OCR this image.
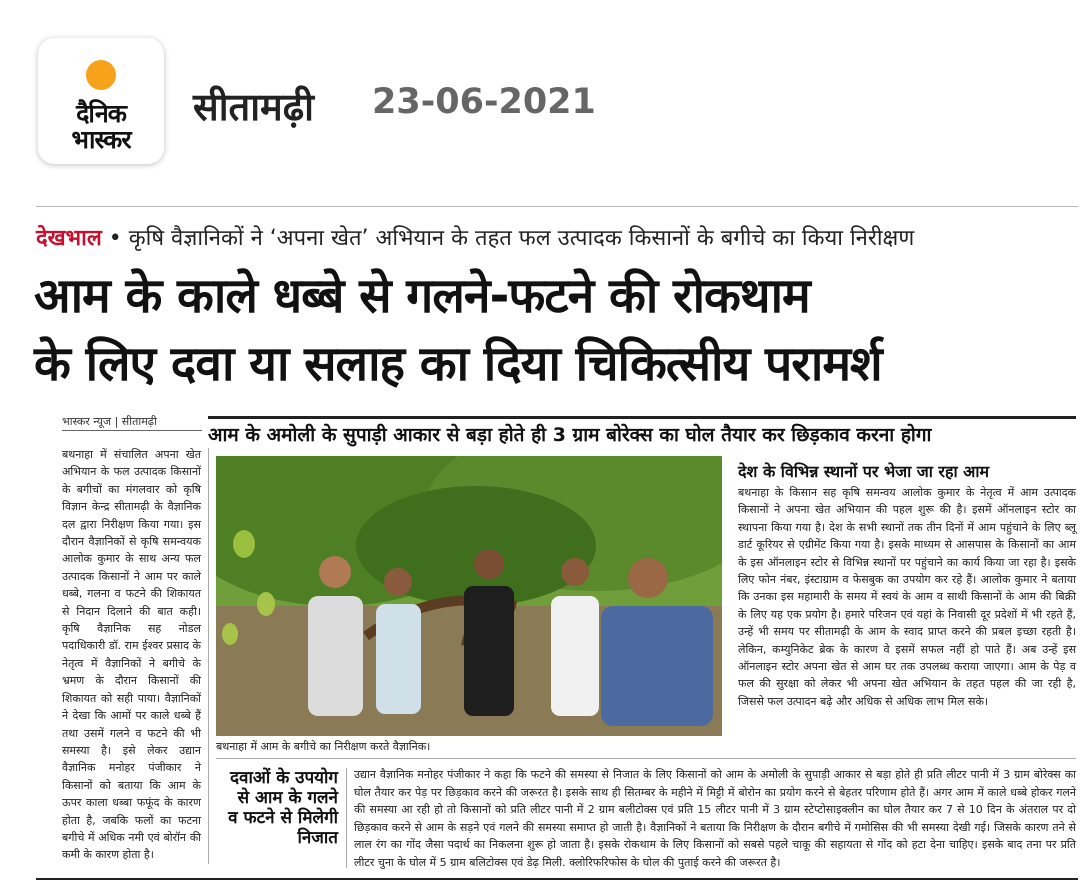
दैनिक
भास्कर
सीतामढ़ी 23-06-2021
देखभाल • कृषि वैज्ञानिकों ने ‘अपना खेत’ अभियान के तहत फल उत्पादक किसानों के बगीचे का किया निरीक्षण
आम के काले धब्बे से गलने-फटने की रोकथाम
के लिए दवा या सलाह का दिया चिकित्सीय परामर्श
भास्कर न्यूज | सीतामढ़ी
आम के अमोली के सुपाड़ी आकार से बड़ा होते ही 3 ग्राम बोरेक्स का घोल तैयार कर छिड़काव करना होगा

बथनाहा में संचालित अपना खेत अभियान के फल उत्पादक किसानों के बगीचों का मंगलवार को कृषि विज्ञान केन्द्र सीतामढ़ी के वैज्ञानिक दल द्वारा निरीक्षण किया गया। इस दौरान वैज्ञानिकों से कृषि समन्वयक आलोक कुमार के साथ अन्य फल उत्पादक किसानों ने आम पर काले धब्बे, गलना व फटने की शिकायत से निदान दिलाने की बात कही। कृषि वैज्ञानिक सह नोडल पदाधिकारी डॉ. राम ईश्वर प्रसाद के नेतृत्व में वैज्ञानिकों ने बगीचे के भ्रमण के दौरान किसानों की शिकायत को सही पाया। वैज्ञानिकों ने देखा कि आमों पर काले धब्बे हैं तथा उसमें गलने व फटने की भी समस्या है। इसे लेकर उद्यान वैज्ञानिक मनोहर पंजीकार ने किसानों को बताया कि आम के ऊपर काला धब्बा फफूंद के कारण होता है, जबकि फलों का फटना बगीचे में अधिक नमी एवं बोरॉन की कमी के कारण होता है।

बथनाहा में आम के बगीचे का निरीक्षण करते वैज्ञानिक।
देश के विभिन्न स्थानों पर भेजा जा रहा आम

बथनाहा के किसान सह कृषि समन्वय आलोक कुमार के नेतृत्व में आम उत्पादक किसानों ने अपना खेत अभियान की पहल शुरू की है। इसमें ऑनलाइन स्टोर का स्थापना किया गया है। देश के सभी स्थानों तक तीन दिनों में आम पहुंचाने के लिए ब्लू डार्ट कूरियर से एग्रीमेंट किया गया है। इसके माध्यम से आसपास के किसानों का आम के इस ऑनलाइन स्टोर से विभिन्न स्थानों पर पहुंचाने का कार्य किया जा रहा है। इसके लिए फोन नंबर, इंस्टाग्राम व फेसबुक का उपयोग कर रहे हैं। आलोक कुमार ने बताया कि उनका इस महामारी के समय में स्वयं के आम व साथी किसानों के आम की बिक्री के लिए यह एक प्रयोग है। हमारे परिजन एवं यहां के निवासी दूर प्रदेशों में भी रहते हैं, उन्हें भी समय पर सीतामढ़ी के आम के स्वाद प्राप्त करने की प्रबल इच्छा रहती है। लेकिन, कम्युनिकेट ब्रेक के कारण वे इसमें सफल नहीं हो पाते हैं। अब उन्हें इस ऑनलाइन स्टोर अपना खेत से आम घर तक उपलब्ध कराया जाएगा। आम के पेड़ व फल की सुरक्षा को लेकर भी अपना खेत अभियान के तहत पहल की जा रही है, जिससे फल उत्पादन बढ़े और अधिक से अधिक लाभ मिल सके।

दवाओं के उपयोग से आम के गलने व फटने से मिलेगी निजात

उद्यान वैज्ञानिक मनोहर पंजीकार ने कहा कि फटने की समस्या से निजात के लिए किसानों को आम के अमोली के सुपाड़ी आकार से बड़ा होते ही प्रति लीटर पानी में 3 ग्राम बोरेक्स का घोल तैयार कर पेड़ पर छिड़काव करने की जरूरत है। इसके साथ ही सितम्बर के महीने में मिट्टी में बोरोन का प्रयोग करने से बेहतर परिणाम होते हैं। अगर आम में काले धब्बे होकर गलने की समस्या आ रही हो तो किसानों को प्रति लीटर पानी में 2 ग्राम बलीटोक्स एवं प्रति 15 लीटर पानी में 3 ग्राम स्टेप्टोसाइक्लीन का घोल तैयार कर 7 से 10 दिन के अंतराल पर दो छिड़काव करने से आम के सड़ने एवं गलने की समस्या समाप्त हो जाती है। वैज्ञानिकों ने बताया कि निरीक्षण के दौरान बगीचे में गमोसिस की भी समस्या देखी गई। जिसके कारण तने से लाल रंग का गोंद जैसा पदार्थ का निकलना शुरू हो जाता है। इसके रोकथाम के लिए किसानों को सबसे पहले चाकू की सहायता से गोंद को हटा देना चाहिए। इसके बाद तना पर प्रति लीटर चुना के घोल में 5 ग्राम बलिटोक्स एवं डेढ़ मिली. क्लोरिफरिफोस के घोल की पुताई करने की जरूरत है।
